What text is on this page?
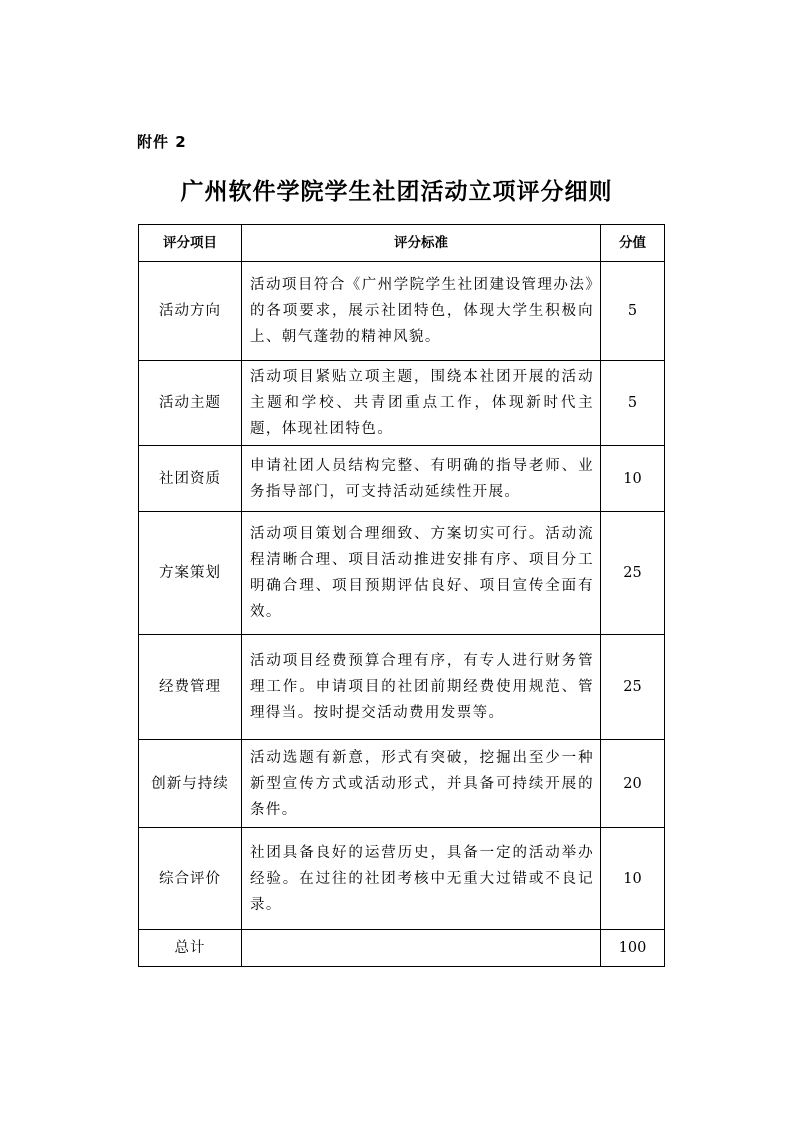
附件 2
广州软件学院学生社团活动立项评分细则
评分项目	评分标准	分值
活动方向	活动项目符合《广州学院学生社团建设管理办法》的各项要求，展示社团特色，体现大学生积极向上、朝气蓬勃的精神风貌。	5
活动主题	活动项目紧贴立项主题，围绕本社团开展的活动主题和学校、共青团重点工作，体现新时代主题，体现社团特色。	5
社团资质	申请社团人员结构完整、有明确的指导老师、业务指导部门，可支持活动延续性开展。	10
方案策划	活动项目策划合理细致、方案切实可行。活动流程清晰合理、项目活动推进安排有序、项目分工明确合理、项目预期评估良好、项目宣传全面有效。	25
经费管理	活动项目经费预算合理有序，有专人进行财务管理工作。申请项目的社团前期经费使用规范、管理得当。按时提交活动费用发票等。	25
创新与持续	活动选题有新意，形式有突破，挖掘出至少一种新型宣传方式或活动形式，并具备可持续开展的条件。	20
综合评价	社团具备良好的运营历史，具备一定的活动举办经验。在过往的社团考核中无重大过错或不良记录。	10
总计		100
